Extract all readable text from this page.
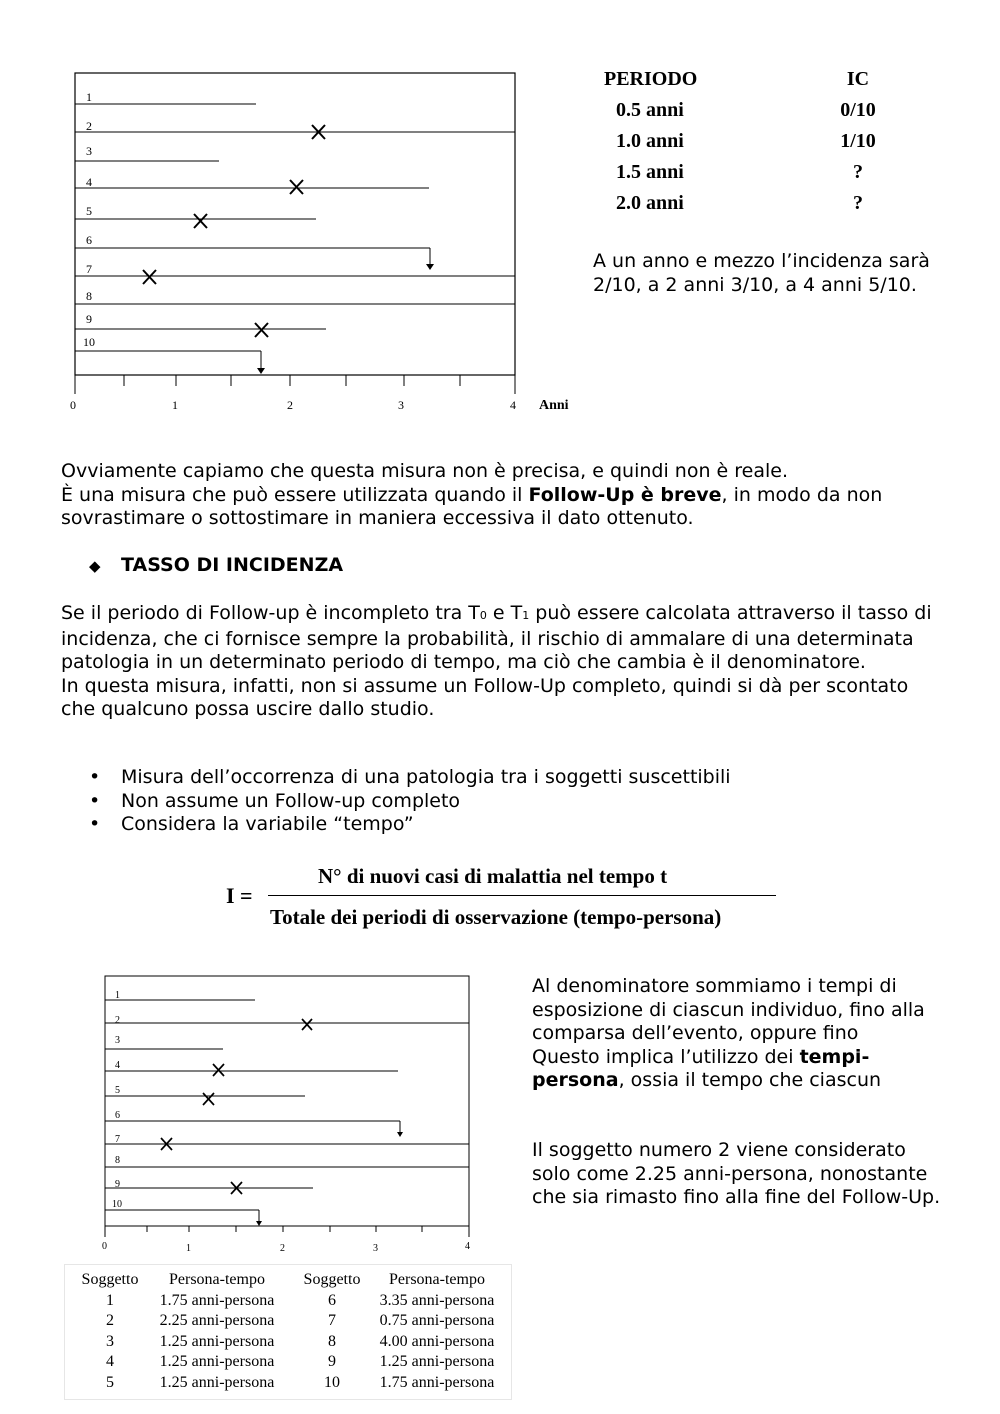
1
2
3
4
5
6
7
8
9
10
0	1	2	3	4 Anni
PERIODO	IC
0.5 anni	0/10
1.0 anni	1/10
1.5 anni	?
2.0 anni	?
A un anno e mezzo l’incidenza sarà 2/10, a 2 anni 3/10, a 4 anni 5/10.
Ovviamente capiamo che questa misura non è precisa, e quindi non è reale.
È una misura che può essere utilizzata quando il Follow-Up è breve, in modo da non sovrastimare o sottostimare in maniera eccessiva il dato ottenuto.
◆ TASSO DI INCIDENZA
Se il periodo di Follow-up è incompleto tra T0 e T1 può essere calcolata attraverso il tasso di incidenza, che ci fornisce sempre la probabilità, il rischio di ammalare di una determinata patologia in un determinato periodo di tempo, ma ciò che cambia è il denominatore.
In questa misura, infatti, non si assume un Follow-Up completo, quindi si dà per scontato che qualcuno possa uscire dallo studio.
• Misura dell’occorrenza di una patologia tra i soggetti suscettibili
• Non assume un Follow-up completo
• Considera la variabile “tempo”
I =
N° di nuovi casi di malattia nel tempo t
Totale dei periodi di osservazione (tempo-persona)
1
2
3
4
5
6
7
8
9
10
0	1	2	3	4
Al denominatore sommiamo i tempi di esposizione di ciascun individuo, fino alla comparsa dell’evento, oppure fino Questo implica l’utilizzo dei tempi-persona, ossia il tempo che ciascun
Il soggetto numero 2 viene considerato solo come 2.25 anni-persona, nonostante che sia rimasto fino alla fine del Follow-Up.
Soggetto	Persona-tempo	Soggetto	Persona-tempo
1	1.75 anni-persona	6	3.35 anni-persona
2	2.25 anni-persona	7	0.75 anni-persona
3	1.25 anni-persona	8	4.00 anni-persona
4	1.25 anni-persona	9	1.25 anni-persona
5	1.25 anni-persona	10	1.75 anni-persona
